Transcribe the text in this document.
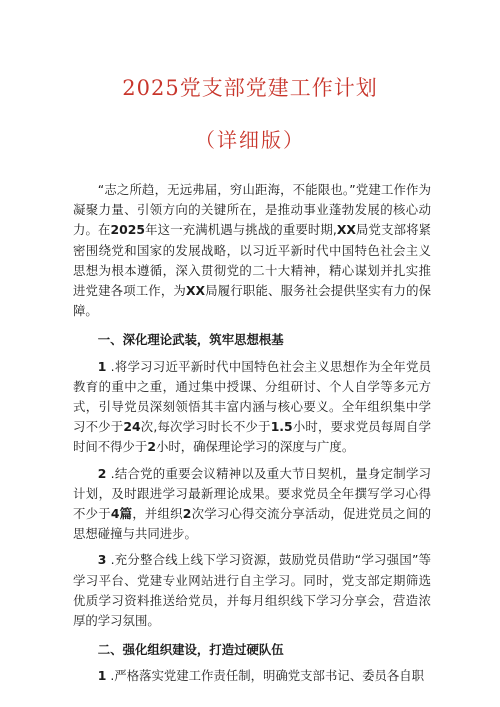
2025党支部党建工作计划
（详细版）

“志之所趋，无远弗届，穷山距海，不能限也。”党建工作作为凝聚力量、引领方向的关键所在，是推动事业蓬勃发展的核心动力。在2025年这一充满机遇与挑战的重要时期,XX局党支部将紧密围绕党和国家的发展战略，以习近平新时代中国特色社会主义思想为根本遵循，深入贯彻党的二十大精神，精心谋划并扎实推进党建各项工作，为XX局履行职能、服务社会提供坚实有力的保障。

一、深化理论武装，筑牢思想根基

1 .将学习习近平新时代中国特色社会主义思想作为全年党员教育的重中之重，通过集中授课、分组研讨、个人自学等多元方式，引导党员深刻领悟其丰富内涵与核心要义。全年组织集中学习不少于24次,每次学习时长不少于1.5小时，要求党员每周自学时间不得少于2小时，确保理论学习的深度与广度。

2 .结合党的重要会议精神以及重大节日契机，量身定制学习计划，及时跟进学习最新理论成果。要求党员全年撰写学习心得不少于4篇，并组织2次学习心得交流分享活动，促进党员之间的思想碰撞与共同进步。

3 .充分整合线上线下学习资源，鼓励党员借助“学习强国”等学习平台、党建专业网站进行自主学习。同时，党支部定期筛选优质学习资料推送给党员，并每月组织线下学习分享会，营造浓厚的学习氛围。

二、强化组织建设，打造过硬队伍

1 .严格落实党建工作责任制，明确党支部书记、委员各自职
